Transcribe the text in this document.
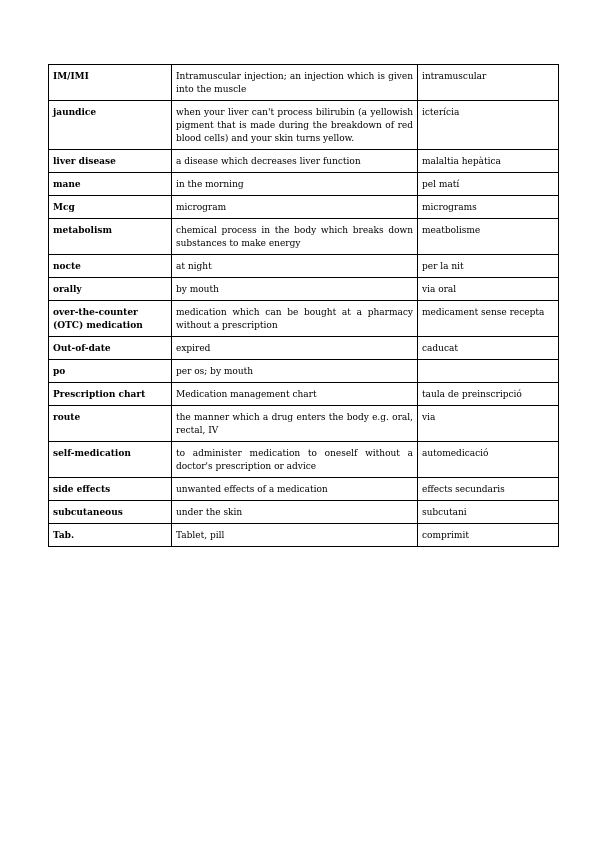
IM/IMI	Intramuscular injection; an injection which is given into the muscle	intramuscular
jaundice	when your liver can't process bilirubin (a yellowish pigment that is made during the breakdown of red blood cells) and your skin turns yellow.	icterícia
liver disease	a disease which decreases liver function	malaltia hepàtica
mane	in the morning	pel matí
Mcg	microgram	micrograms
metabolism	chemical process in the body which breaks down substances to make energy	meatbolisme
nocte	at night	per la nit
orally	by mouth	via oral
over-the-counter (OTC) medication	medication which can be bought at a pharmacy without a prescription	medicament sense recepta
Out-of-date	expired	caducat
po	per os; by mouth	
Prescription chart	Medication management chart	taula de preinscripció
route	the manner which a drug enters the body e.g. oral, rectal, IV	via
self-medication	to administer medication to oneself without a doctor's prescription or advice	automedicació
side effects	unwanted effects of a medication	effects secundaris
subcutaneous	under the skin	subcutani
Tab.	Tablet, pill	comprimit
